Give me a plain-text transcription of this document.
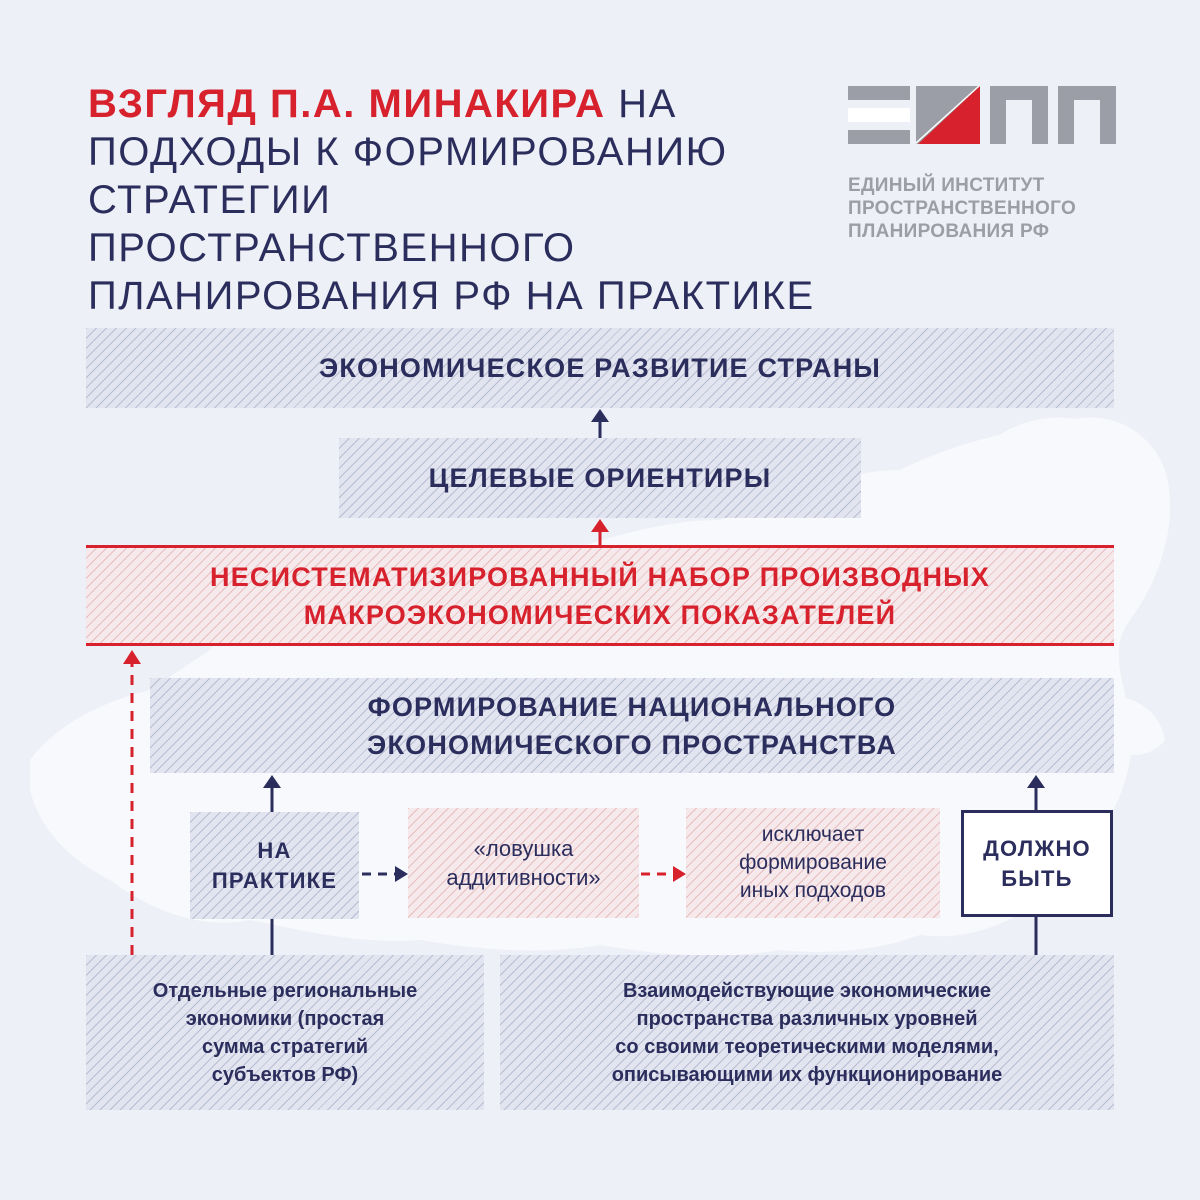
ВЗГЛЯД П.А. МИНАКИРА НА ПОДХОДЫ К ФОРМИРОВАНИЮ СТРАТЕГИИ ПРОСТРАНСТВЕННОГО ПЛАНИРОВАНИЯ РФ НА ПРАКТИКЕ
ЕДИНЫЙ ИНСТИТУТ
ПРОСТРАНСТВЕННОГО
ПЛАНИРОВАНИЯ РФ
ЭКОНОМИЧЕСКОЕ РАЗВИТИЕ СТРАНЫ
ЦЕЛЕВЫЕ ОРИЕНТИРЫ
НЕСИСТЕМАТИЗИРОВАННЫЙ НАБОР ПРОИЗВОДНЫХ
МАКРОЭКОНОМИЧЕСКИХ ПОКАЗАТЕЛЕЙ
ФОРМИРОВАНИЕ НАЦИОНАЛЬНОГО
ЭКОНОМИЧЕСКОГО ПРОСТРАНСТВА
НА
ПРАКТИКЕ
«ловушка
аддитивности»
исключает
формирование
иных подходов
ДОЛЖНО
БЫТЬ
Отдельные региональные
экономики (простая
сумма стратегий
субъектов РФ)
Взаимодействующие экономические
пространства различных уровней
со своими теоретическими моделями,
описывающими их функционирование
